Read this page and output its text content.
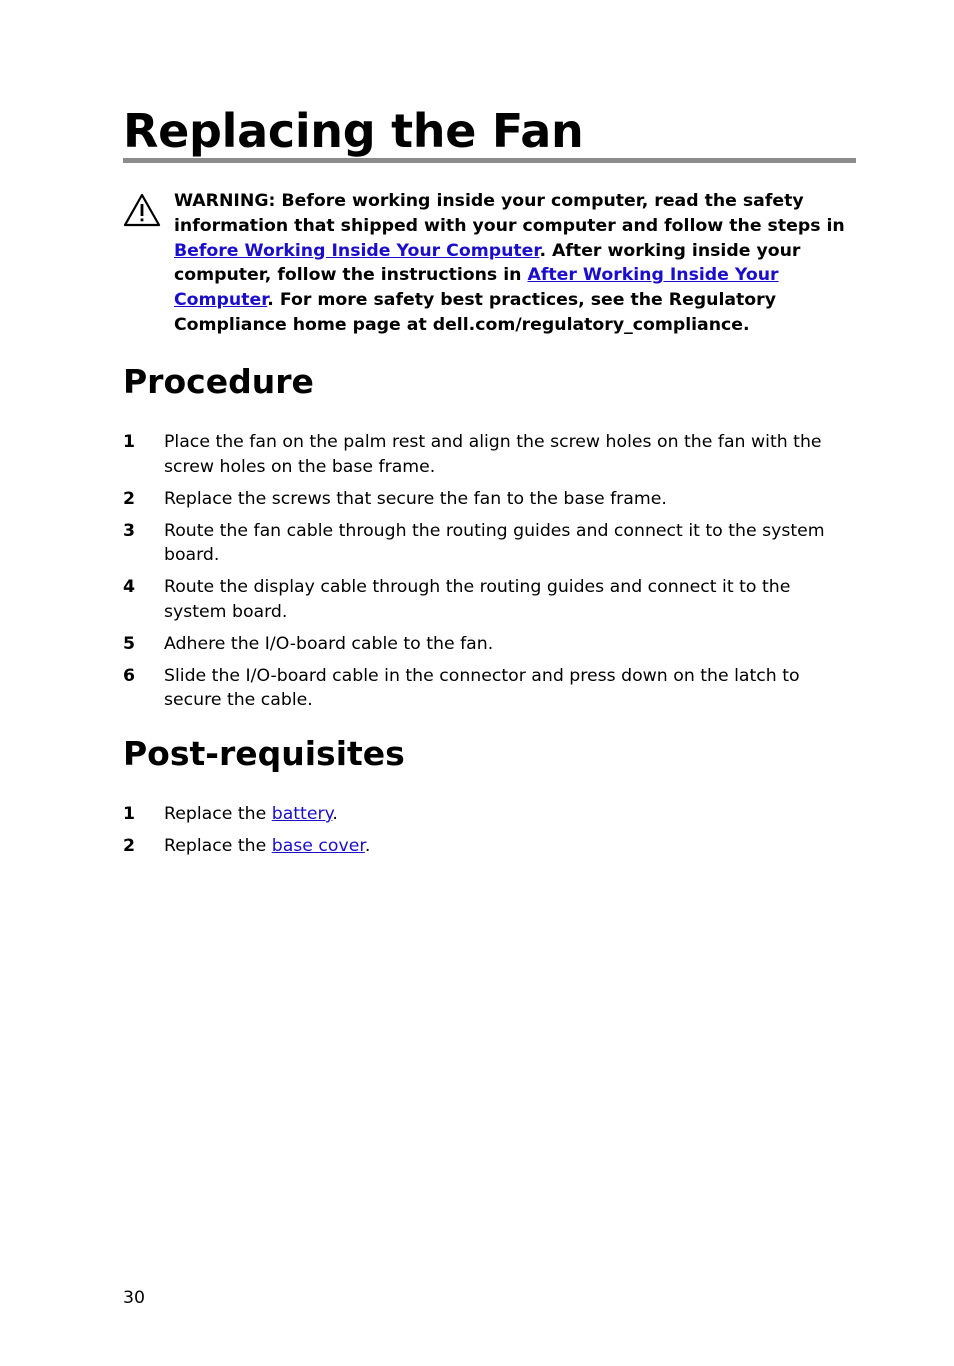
Replacing the Fan

WARNING: Before working inside your computer, read the safety information that shipped with your computer and follow the steps in Before Working Inside Your Computer. After working inside your computer, follow the instructions in After Working Inside Your Computer. For more safety best practices, see the Regulatory Compliance home page at dell.com/regulatory_compliance.

Procedure
1 Place the fan on the palm rest and align the screw holes on the fan with the screw holes on the base frame.
2 Replace the screws that secure the fan to the base frame.
3 Route the fan cable through the routing guides and connect it to the system board.
4 Route the display cable through the routing guides and connect it to the system board.
5 Adhere the I/O-board cable to the fan.
6 Slide the I/O-board cable in the connector and press down on the latch to secure the cable.
Post-requisites
1 Replace the battery.
2 Replace the base cover.
30
